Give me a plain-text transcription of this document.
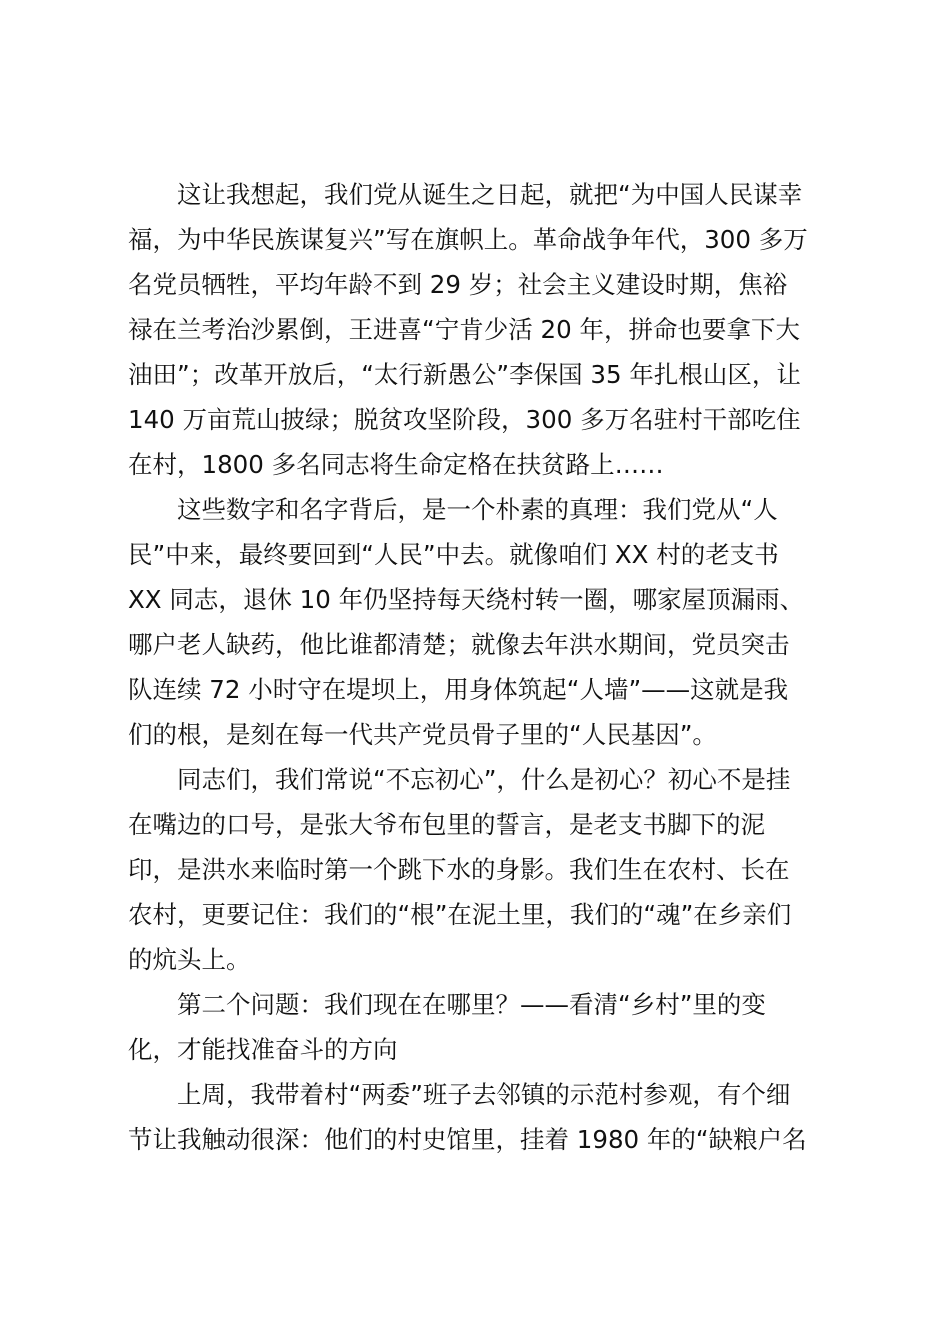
　　这让我想起，我们党从诞生之日起，就把“为中国人民谋幸

福，为中华民族谋复兴”写在旗帜上。革命战争年代，300 多万

名党员牺牲，平均年龄不到 29 岁；社会主义建设时期，焦裕

禄在兰考治沙累倒，王进喜“宁肯少活 20 年，拼命也要拿下大

油田”；改革开放后，“太行新愚公”李保国 35 年扎根山区，让

140 万亩荒山披绿；脱贫攻坚阶段，300 多万名驻村干部吃住

在村，1800 多名同志将生命定格在扶贫路上……

　　这些数字和名字背后，是一个朴素的真理：我们党从“人

民”中来，最终要回到“人民”中去。就像咱们 XX 村的老支书

XX 同志，退休 10 年仍坚持每天绕村转一圈，哪家屋顶漏雨、

哪户老人缺药，他比谁都清楚；就像去年洪水期间，党员突击

队连续 72 小时守在堤坝上，用身体筑起“人墙”——这就是我

们的根，是刻在每一代共产党员骨子里的“人民基因”。

　　同志们，我们常说“不忘初心”，什么是初心？初心不是挂

在嘴边的口号，是张大爷布包里的誓言，是老支书脚下的泥

印，是洪水来临时第一个跳下水的身影。我们生在农村、长在

农村，更要记住：我们的“根”在泥土里，我们的“魂”在乡亲们

的炕头上。

　　第二个问题：我们现在在哪里？——看清“乡村”里的变

化，才能找准奋斗的方向

　　上周，我带着村“两委”班子去邻镇的示范村参观，有个细

节让我触动很深：他们的村史馆里，挂着 1980 年的“缺粮户名
